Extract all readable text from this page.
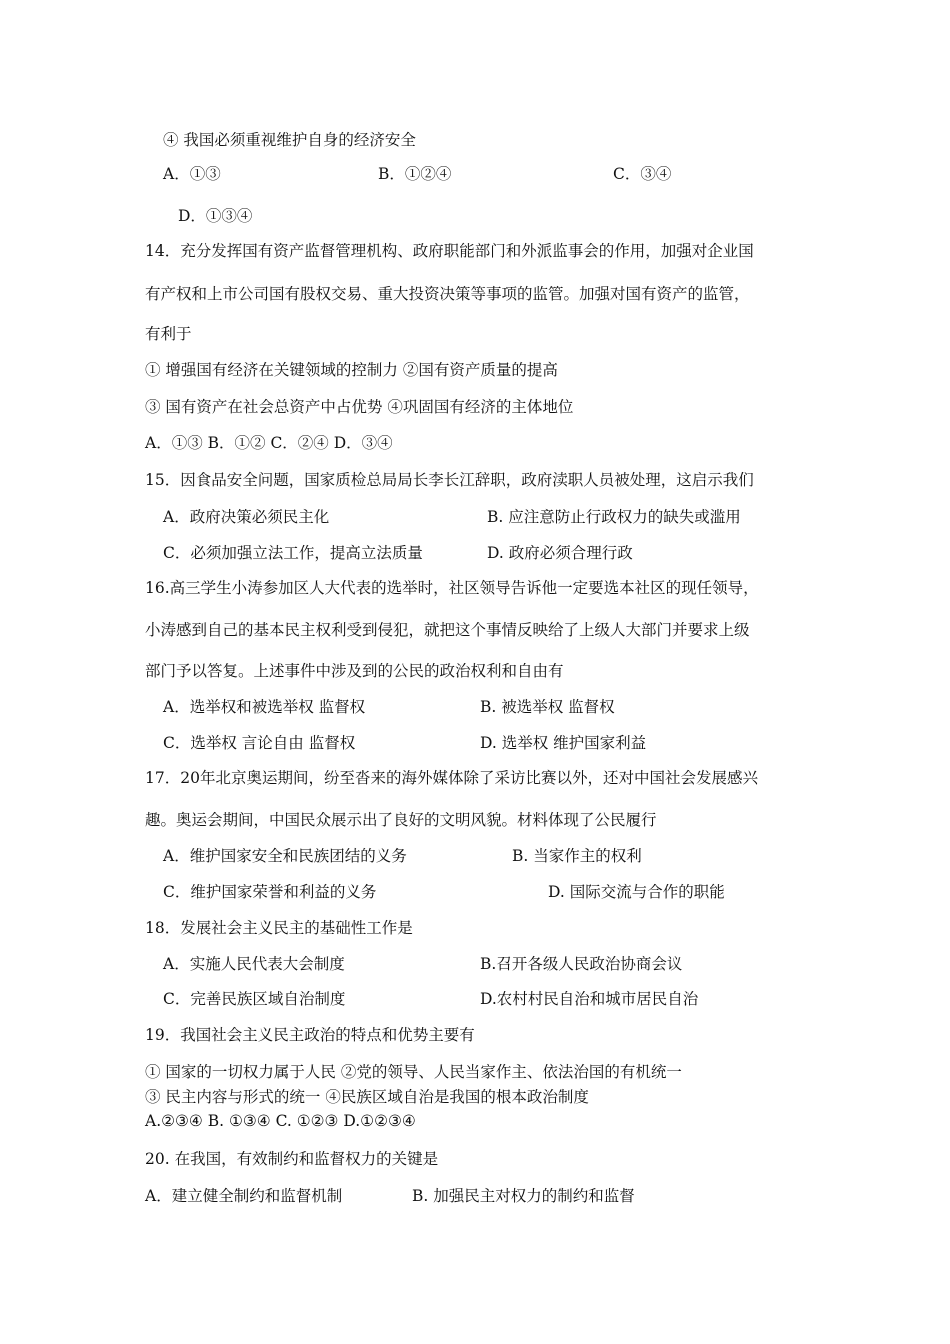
④ 我国必须重视维护自身的经济安全
A．①③	B．①②④	C．③④
D．①③④
14．充分发挥国有资产监督管理机构、政府职能部门和外派监事会的作用，加强对企业国
有产权和上市公司国有股权交易、重大投资决策等事项的监管。加强对国有资产的监管，
有利于
① 增强国有经济在关键领域的控制力 ②国有资产质量的提高
③ 国有资产在社会总资产中占优势 ④巩固国有经济的主体地位
A．①③ B．①② C．②④ D．③④
15．因食品安全问题，国家质检总局局长李长江辞职，政府渎职人员被处理，这启示我们
A．政府决策必须民主化	B. 应注意防止行政权力的缺失或滥用
C．必须加强立法工作，提高立法质量	D. 政府必须合理行政
16.高三学生小涛参加区人大代表的选举时，社区领导告诉他一定要选本社区的现任领导，
小涛感到自己的基本民主权利受到侵犯，就把这个事情反映给了上级人大部门并要求上级
部门予以答复。上述事件中涉及到的公民的政治权利和自由有
A．选举权和被选举权 监督权	B. 被选举权 监督权
C．选举权 言论自由 监督权	D. 选举权 维护国家利益
17．20年北京奥运期间，纷至沓来的海外媒体除了采访比赛以外，还对中国社会发展感兴
趣。奥运会期间，中国民众展示出了良好的文明风貌。材料体现了公民履行
A．维护国家安全和民族团结的义务	B. 当家作主的权利
C．维护国家荣誉和利益的义务	D. 国际交流与合作的职能
18．发展社会主义民主的基础性工作是
A．实施人民代表大会制度	B.召开各级人民政治协商会议
C．完善民族区域自治制度	D.农村村民自治和城市居民自治
19．我国社会主义民主政治的特点和优势主要有
① 国家的一切权力属于人民 ②党的领导、人民当家作主、依法治国的有机统一
③ 民主内容与形式的统一 ④民族区域自治是我国的根本政治制度
A.②③④ B. ①③④ C. ①②③ D.①②③④
20. 在我国，有效制约和监督权力的关键是
A．建立健全制约和监督机制	B. 加强民主对权力的制约和监督
